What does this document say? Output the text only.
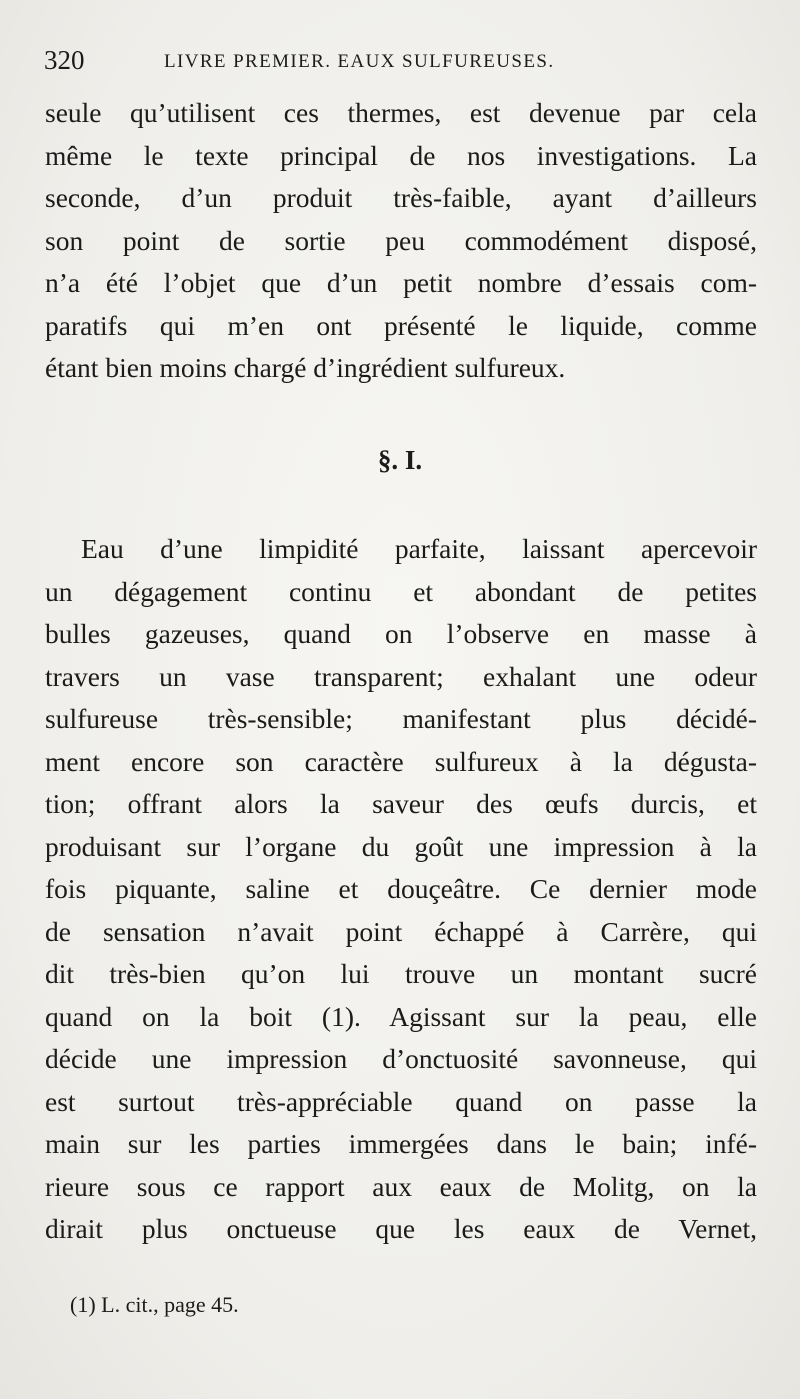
320	LIVRE PREMIER. EAUX SULFUREUSES.
seule qu’utilisent ces thermes, est devenue par cela
même le texte principal de nos investigations. La
seconde, d’un produit très-faible, ayant d’ailleurs
son point de sortie peu commodément disposé,
n’a été l’objet que d’un petit nombre d’essais com-
paratifs qui m’en ont présenté le liquide, comme
étant bien moins chargé d’ingrédient sulfureux.
§. I.
Eau d’une limpidité parfaite, laissant apercevoir
un dégagement continu et abondant de petites
bulles gazeuses, quand on l’observe en masse à
travers un vase transparent; exhalant une odeur
sulfureuse très-sensible; manifestant plus décidé-
ment encore son caractère sulfureux à la dégusta-
tion; offrant alors la saveur des œufs durcis, et
produisant sur l’organe du goût une impression à la
fois piquante, saline et douçeâtre. Ce dernier mode
de sensation n’avait point échappé à Carrère, qui
dit très-bien qu’on lui trouve un montant sucré
quand on la boit (1). Agissant sur la peau, elle
décide une impression d’onctuosité savonneuse, qui
est surtout très-appréciable quand on passe la
main sur les parties immergées dans le bain; infé-
rieure sous ce rapport aux eaux de Molitg, on la
dirait plus onctueuse que les eaux de Vernet,
(1) L. cit., page 45.
